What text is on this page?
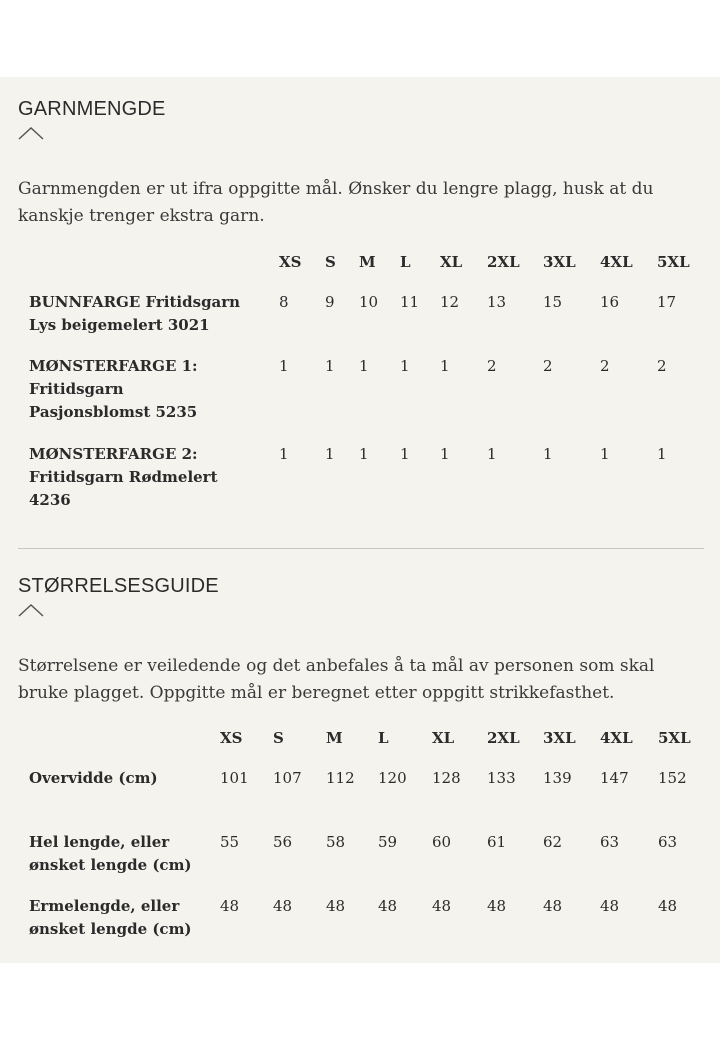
GARNMENGDE
Garnmengden er ut ifra oppgitte mål. Ønsker du lengre plagg, husk at du kanskje trenger ekstra garn.
XS S M L XL 2XL 3XL 4XL 5XL
BUNNFARGE Fritidsgarn
Lys beigemelert 3021
8 9 10 11 12 13 15	16	17
MØNSTERFARGE 1:
Fritidsgarn
Pasjonsblomst 5235
1 1 1 1 1 2	2	2	2
MØNSTERFARGE 2:
Fritidsgarn Rødmelert
4236
1 1 1 1 1 1	1	1	1
STØRRELSESGUIDE
Størrelsene er veiledende og det anbefales å ta mål av personen som skal bruke plagget. Oppgitte mål er beregnet etter oppgitt strikkefasthet.
XS S	M L	XL 2XL 3XL 4XL 5XL
Overvidde (cm)	101 107 112 120 128 133 139 147 152
Hel lengde, eller
ønsket lengde (cm)
55 56 58 59 60 61 62	63	63
Ermelengde, eller
ønsket lengde (cm)
48 48 48 48 48 48 48	48	48
